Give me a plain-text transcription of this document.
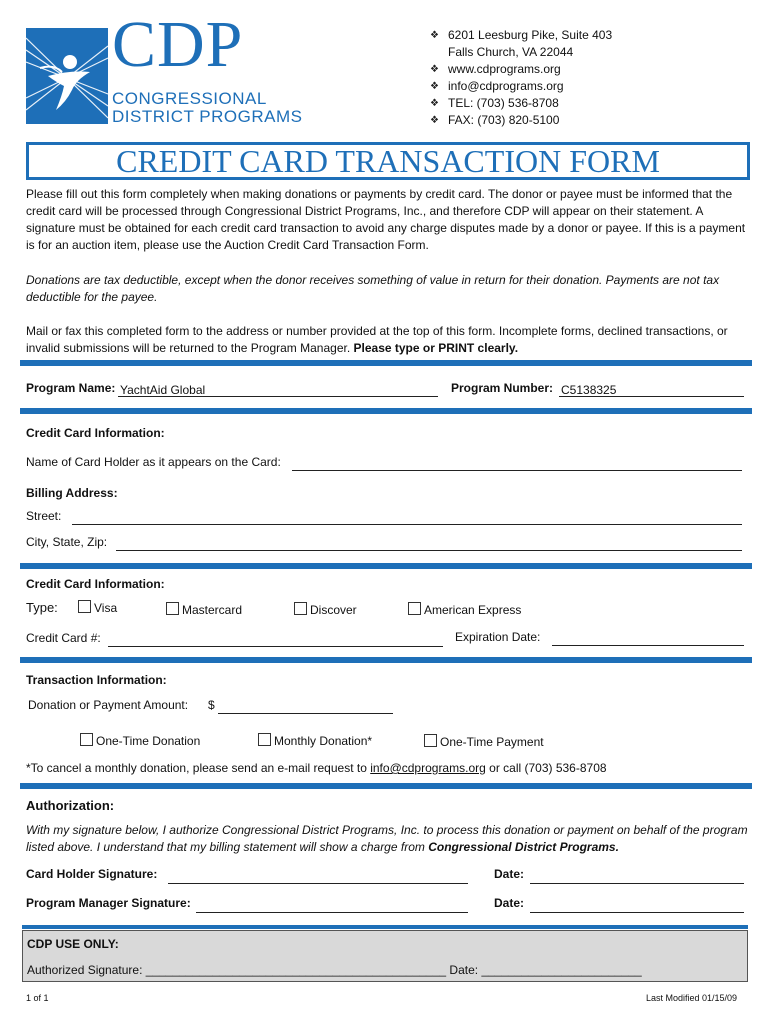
CDP
CONGRESSIONAL
DISTRICT PROGRAMS
❖ 6201 Leesburg Pike, Suite 403
Falls Church, VA 22044
❖ www.cdprograms.org
❖ info@cdprograms.org
❖ TEL: (703) 536-8708
❖ FAX: (703) 820-5100
CREDIT CARD TRANSACTION FORM
Please fill out this form completely when making donations or payments by credit card. The donor or payee must be informed that the credit card will be processed through Congressional District Programs, Inc., and therefore CDP will appear on their statement. A signature must be obtained for each credit card transaction to avoid any charge disputes made by a donor or payee. If this is a payment is for an auction item, please use the Auction Credit Card Transaction Form.
Donations are tax deductible, except when the donor receives something of value in return for their donation. Payments are not tax deductible for the payee.
Mail or fax this completed form to the address or number provided at the top of this form. Incomplete forms, declined transactions, or invalid submissions will be returned to the Program Manager. Please type or PRINT clearly.
Program Name: YachtAid Global	Program Number: C5138325
Credit Card Information:
Name of Card Holder as it appears on the Card:
Billing Address:
Street:
City, State, Zip:
Credit Card Information:
Type:	Visa	Mastercard	Discover	American Express
Credit Card #:	Expiration Date:
Transaction Information:
Donation or Payment Amount: $
One-Time Donation	Monthly Donation*	One-Time Payment
*To cancel a monthly donation, please send an e-mail request to info@cdprograms.org or call (703) 536-8708
Authorization:
With my signature below, I authorize Congressional District Programs, Inc. to process this donation or payment on behalf of the program listed above. I understand that my billing statement will show a charge from Congressional District Programs.
Card Holder Signature:	Date:
Program Manager Signature:	Date:
CDP USE ONLY:
Authorized Signature: _____________________________________________ Date: ________________________
1 of 1	Last Modified 01/15/09
